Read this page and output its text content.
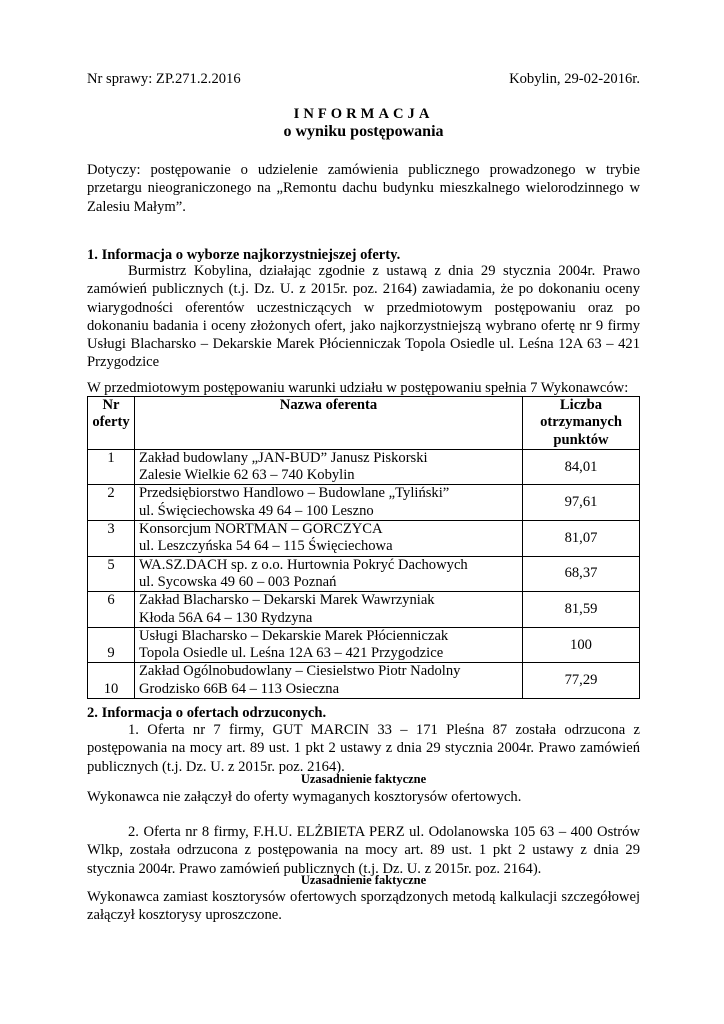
Nr sprawy: ZP.271.2.2016	Kobylin, 29-02-2016r.
INFORMACJA
o wyniku postępowania

Dotyczy: postępowanie o udzielenie zamówienia publicznego prowadzonego w trybie przetargu nieograniczonego na „Remontu dachu budynku mieszkalnego wielorodzinnego w Zalesiu Małym”.

1. Informacja o wyborze najkorzystniejszej oferty.

Burmistrz Kobylina, działając zgodnie z ustawą z dnia 29 stycznia 2004r. Prawo zamówień publicznych (t.j. Dz. U. z 2015r. poz. 2164) zawiadamia, że po dokonaniu oceny wiarygodności oferentów uczestniczących w przedmiotowym postępowaniu oraz po dokonaniu badania i oceny złożonych ofert, jako najkorzystniejszą wybrano ofertę nr 9 firmy Usługi Blacharsko – Dekarskie Marek Płócienniczak Topola Osiedle ul. Leśna 12A 63 – 421 Przygodzice

W przedmiotowym postępowaniu warunki udziału w postępowaniu spełnia 7 Wykonawców:

Nr oferty	Nazwa oferenta	Liczba otrzymanych punktów
1	Zakład budowlany „JAN-BUD” Janusz Piskorski
Zalesie Wielkie 62 63 – 740 Kobylin	84,01
2	Przedsiębiorstwo Handlowo – Budowlane „Tyliński”
ul. Święciechowska 49 64 – 100 Leszno	97,61
3	Konsorcjum NORTMAN – GORCZYCA
ul. Leszczyńska 54 64 – 115 Święciechowa	81,07
5	WA.SZ.DACH sp. z o.o. Hurtownia Pokryć Dachowych
ul. Sycowska 49 60 – 003 Poznań	68,37
6	Zakład Blacharsko – Dekarski Marek Wawrzyniak
Kłoda 56A 64 – 130 Rydzyna	81,59
9	Usługi Blacharsko – Dekarskie Marek Płócienniczak
Topola Osiedle ul. Leśna 12A 63 – 421 Przygodzice	100
10	Zakład Ogólnobudowlany – Ciesielstwo Piotr Nadolny
Grodzisko 66B 64 – 113 Osieczna	77,29

2. Informacja o ofertach odrzuconych.

1. Oferta nr 7 firmy, GUT MARCIN 33 – 171 Pleśna 87 została odrzucona z postępowania na mocy art. 89 ust. 1 pkt 2 ustawy z dnia 29 stycznia 2004r. Prawo zamówień publicznych (t.j. Dz. U. z 2015r. poz. 2164).

Uzasadnienie faktyczne

Wykonawca nie załączył do oferty wymaganych kosztorysów ofertowych.

2. Oferta nr 8 firmy, F.H.U. ELŻBIETA PERZ ul. Odolanowska 105 63 – 400 Ostrów Wlkp, została odrzucona z postępowania na mocy art. 89 ust. 1 pkt 2 ustawy z dnia 29 stycznia 2004r. Prawo zamówień publicznych (t.j. Dz. U. z 2015r. poz. 2164).

Uzasadnienie faktyczne

Wykonawca zamiast kosztorysów ofertowych sporządzonych metodą kalkulacji szczegółowej załączył kosztorysy uproszczone.
